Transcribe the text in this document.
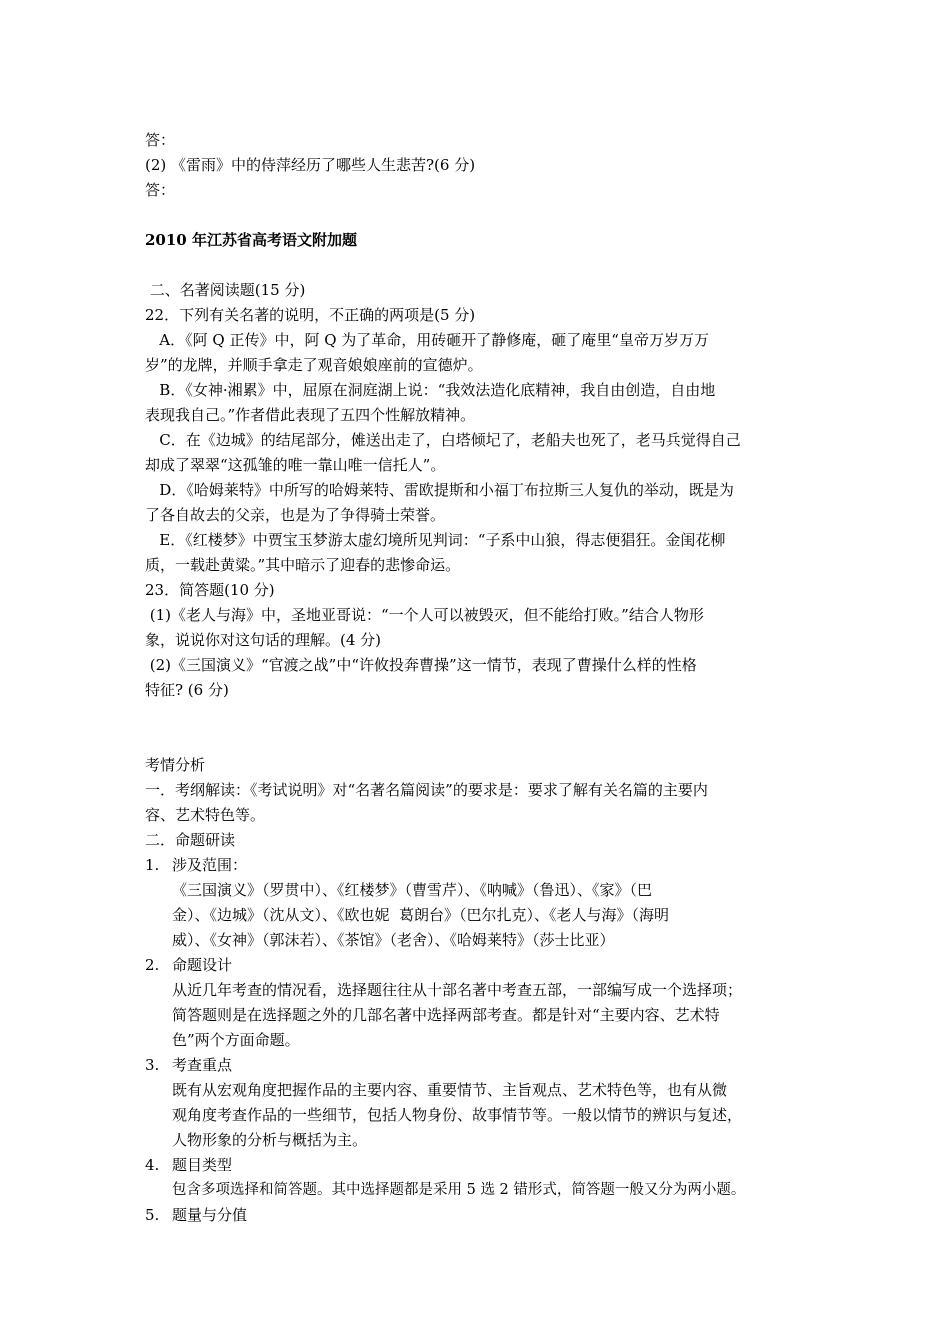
答：
(2) 《雷雨》中的侍萍经历了哪些人生悲苦?(6 分)
答：
2010 年江苏省高考语文附加题
二、名著阅读题(15 分)
22．下列有关名著的说明，不正确的两项是(5 分)
A．《阿 Q 正传》中，阿 Q 为了革命，用砖砸开了静修庵，砸了庵里“皇帝万岁万万
岁”的龙牌，并顺手拿走了观音娘娘座前的宣德炉。
B．《女神·湘累》中，屈原在洞庭湖上说：“我效法造化底精神，我自由创造，自由地
表现我自己。”作者借此表现了五四个性解放精神。
C．在《边城》的结尾部分，傩送出走了，白塔倾圮了，老船夫也死了，老马兵觉得自己
却成了翠翠“这孤雏的唯一靠山唯一信托人”。
D．《哈姆莱特》中所写的哈姆莱特、雷欧提斯和小福丁布拉斯三人复仇的举动，既是为
了各自故去的父亲，也是为了争得骑士荣誉。
E．《红楼梦》中贾宝玉梦游太虚幻境所见判词：“子系中山狼，得志便猖狂。金闺花柳
质，一载赴黄粱。”其中暗示了迎春的悲惨命运。
23．简答题(10 分)
(1)《老人与海》中，圣地亚哥说：“一个人可以被毁灭，但不能给打败。”结合人物形
象，说说你对这句话的理解。(4 分)
(2)《三国演义》“官渡之战”中“许攸投奔曹操”这一情节，表现了曹操什么样的性格
特征? (6 分)
考情分析
一．考纲解读：《考试说明》对“名著名篇阅读”的要求是：要求了解有关名篇的主要内
容、艺术特色等。
二．命题研读
1. 涉及范围：
《三国演义》（罗贯中）、《红楼梦》（曹雪芹）、《呐喊》（鲁迅）、《家》（巴
金）、《边城》（沈从文）、《欧也妮  葛朗台》（巴尔扎克）、《老人与海》（海明
威）、《女神》（郭沫若）、《茶馆》（老舍）、《哈姆莱特》（莎士比亚）
2. 命题设计
从近几年考查的情况看，选择题往往从十部名著中考查五部，一部编写成一个选择项；
简答题则是在选择题之外的几部名著中选择两部考查。都是针对“主要内容、艺术特
色”两个方面命题。
3. 考查重点
既有从宏观角度把握作品的主要内容、重要情节、主旨观点、艺术特色等，也有从微
观角度考查作品的一些细节，包括人物身份、故事情节等。一般以情节的辨识与复述，
人物形象的分析与概括为主。
4. 题目类型
包含多项选择和简答题。其中选择题都是采用 5 选 2 错形式，简答题一般又分为两小题。
5. 题量与分值
